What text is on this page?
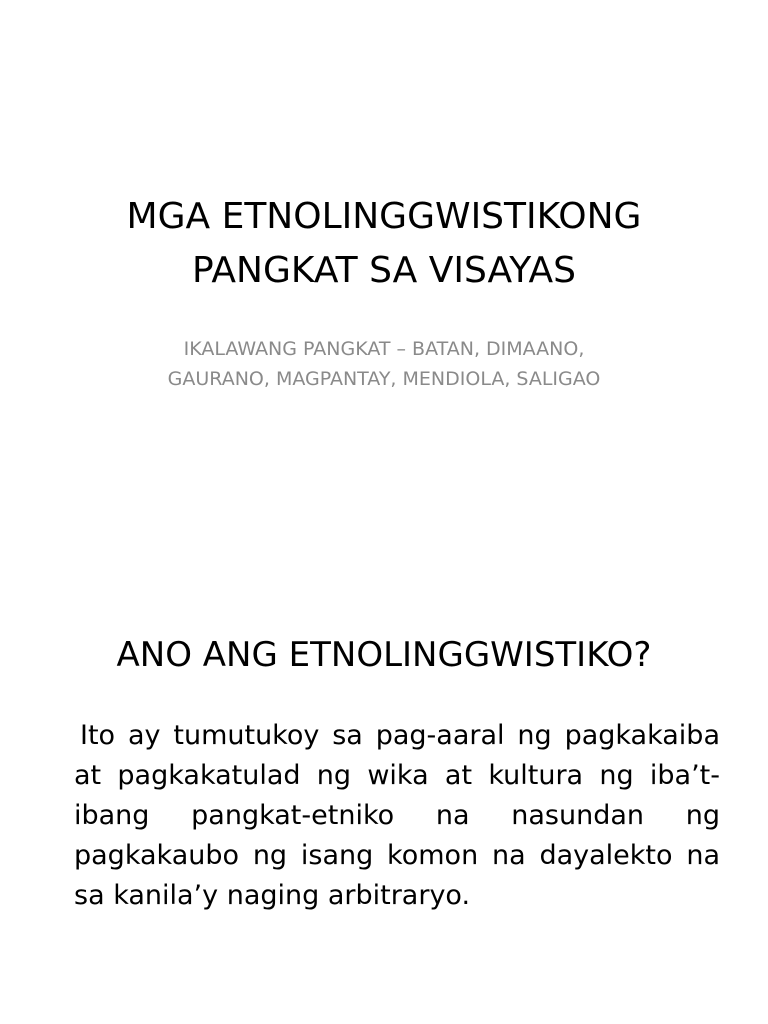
MGA ETNOLINGGWISTIKONG
PANGKAT SA VISAYAS
IKALAWANG PANGKAT – BATAN, DIMAANO,
GAURANO, MAGPANTAY, MENDIOLA, SALIGAO
ANO ANG ETNOLINGGWISTIKO?
Ito ay tumutukoy sa pag-aaral ng pagkakaiba at pagkakatulad ng wika at kultura ng iba’t-ibang pangkat-etniko na nasundan ng pagkakaubo ng isang komon na dayalekto na sa kanila’y naging arbitraryo.
